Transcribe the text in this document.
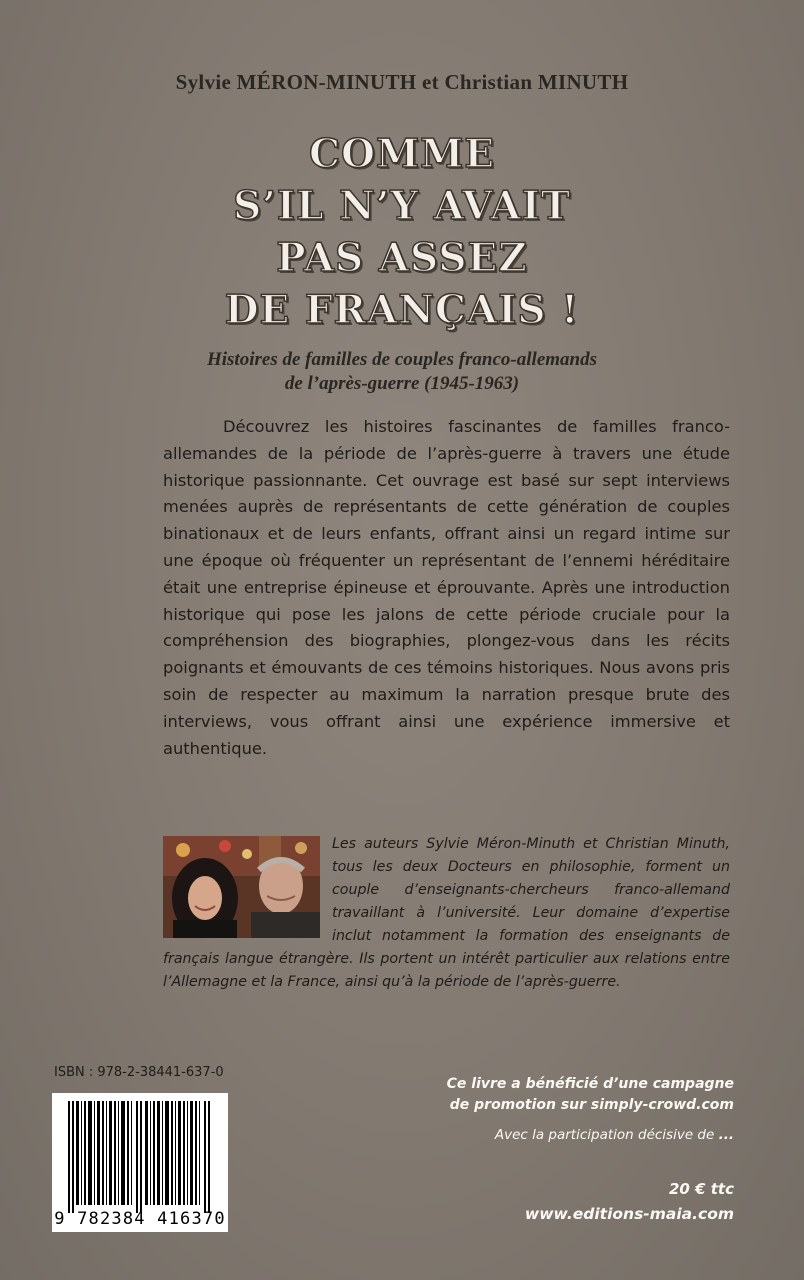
Sylvie MÉRON-MINUTH et Christian MINUTH
COMME
S’IL N’Y AVAIT
PAS ASSEZ
DE FRANÇAIS !
Histoires de familles de couples franco-allemands
de l’après-guerre (1945-1963)
Découvrez les histoires fascinantes de familles franco-allemandes de la période de l’après-guerre à travers une étude historique passionnante. Cet ouvrage est basé sur sept interviews menées auprès de représentants de cette génération de couples binationaux et de leurs enfants, offrant ainsi un regard intime sur une époque où fréquenter un représentant de l’ennemi héréditaire était une entreprise épineuse et éprouvante. Après une introduction historique qui pose les jalons de cette période cruciale pour la compréhension des biographies, plongez-vous dans les récits poignants et émouvants de ces témoins historiques. Nous avons pris soin de respecter au maximum la narration presque brute des interviews, vous offrant ainsi une expérience immersive et authentique.
Les auteurs Sylvie Méron-Minuth et Christian Minuth, tous les deux Docteurs en philosophie, forment un couple d’enseignants-chercheurs franco-allemand travaillant à l’université. Leur domaine d’expertise inclut notamment la formation des enseignants de français langue étrangère. Ils portent un intérêt particulier aux relations entre l’Allemagne et la France, ainsi qu’à la période de l’après-guerre.
ISBN : 978-2-38441-637-0
9 782384 416370
Ce livre a bénéficié d’une campagne
de promotion sur simply-crowd.com
Avec la participation décisive de ...
20 € ttc
www.editions-maia.com
